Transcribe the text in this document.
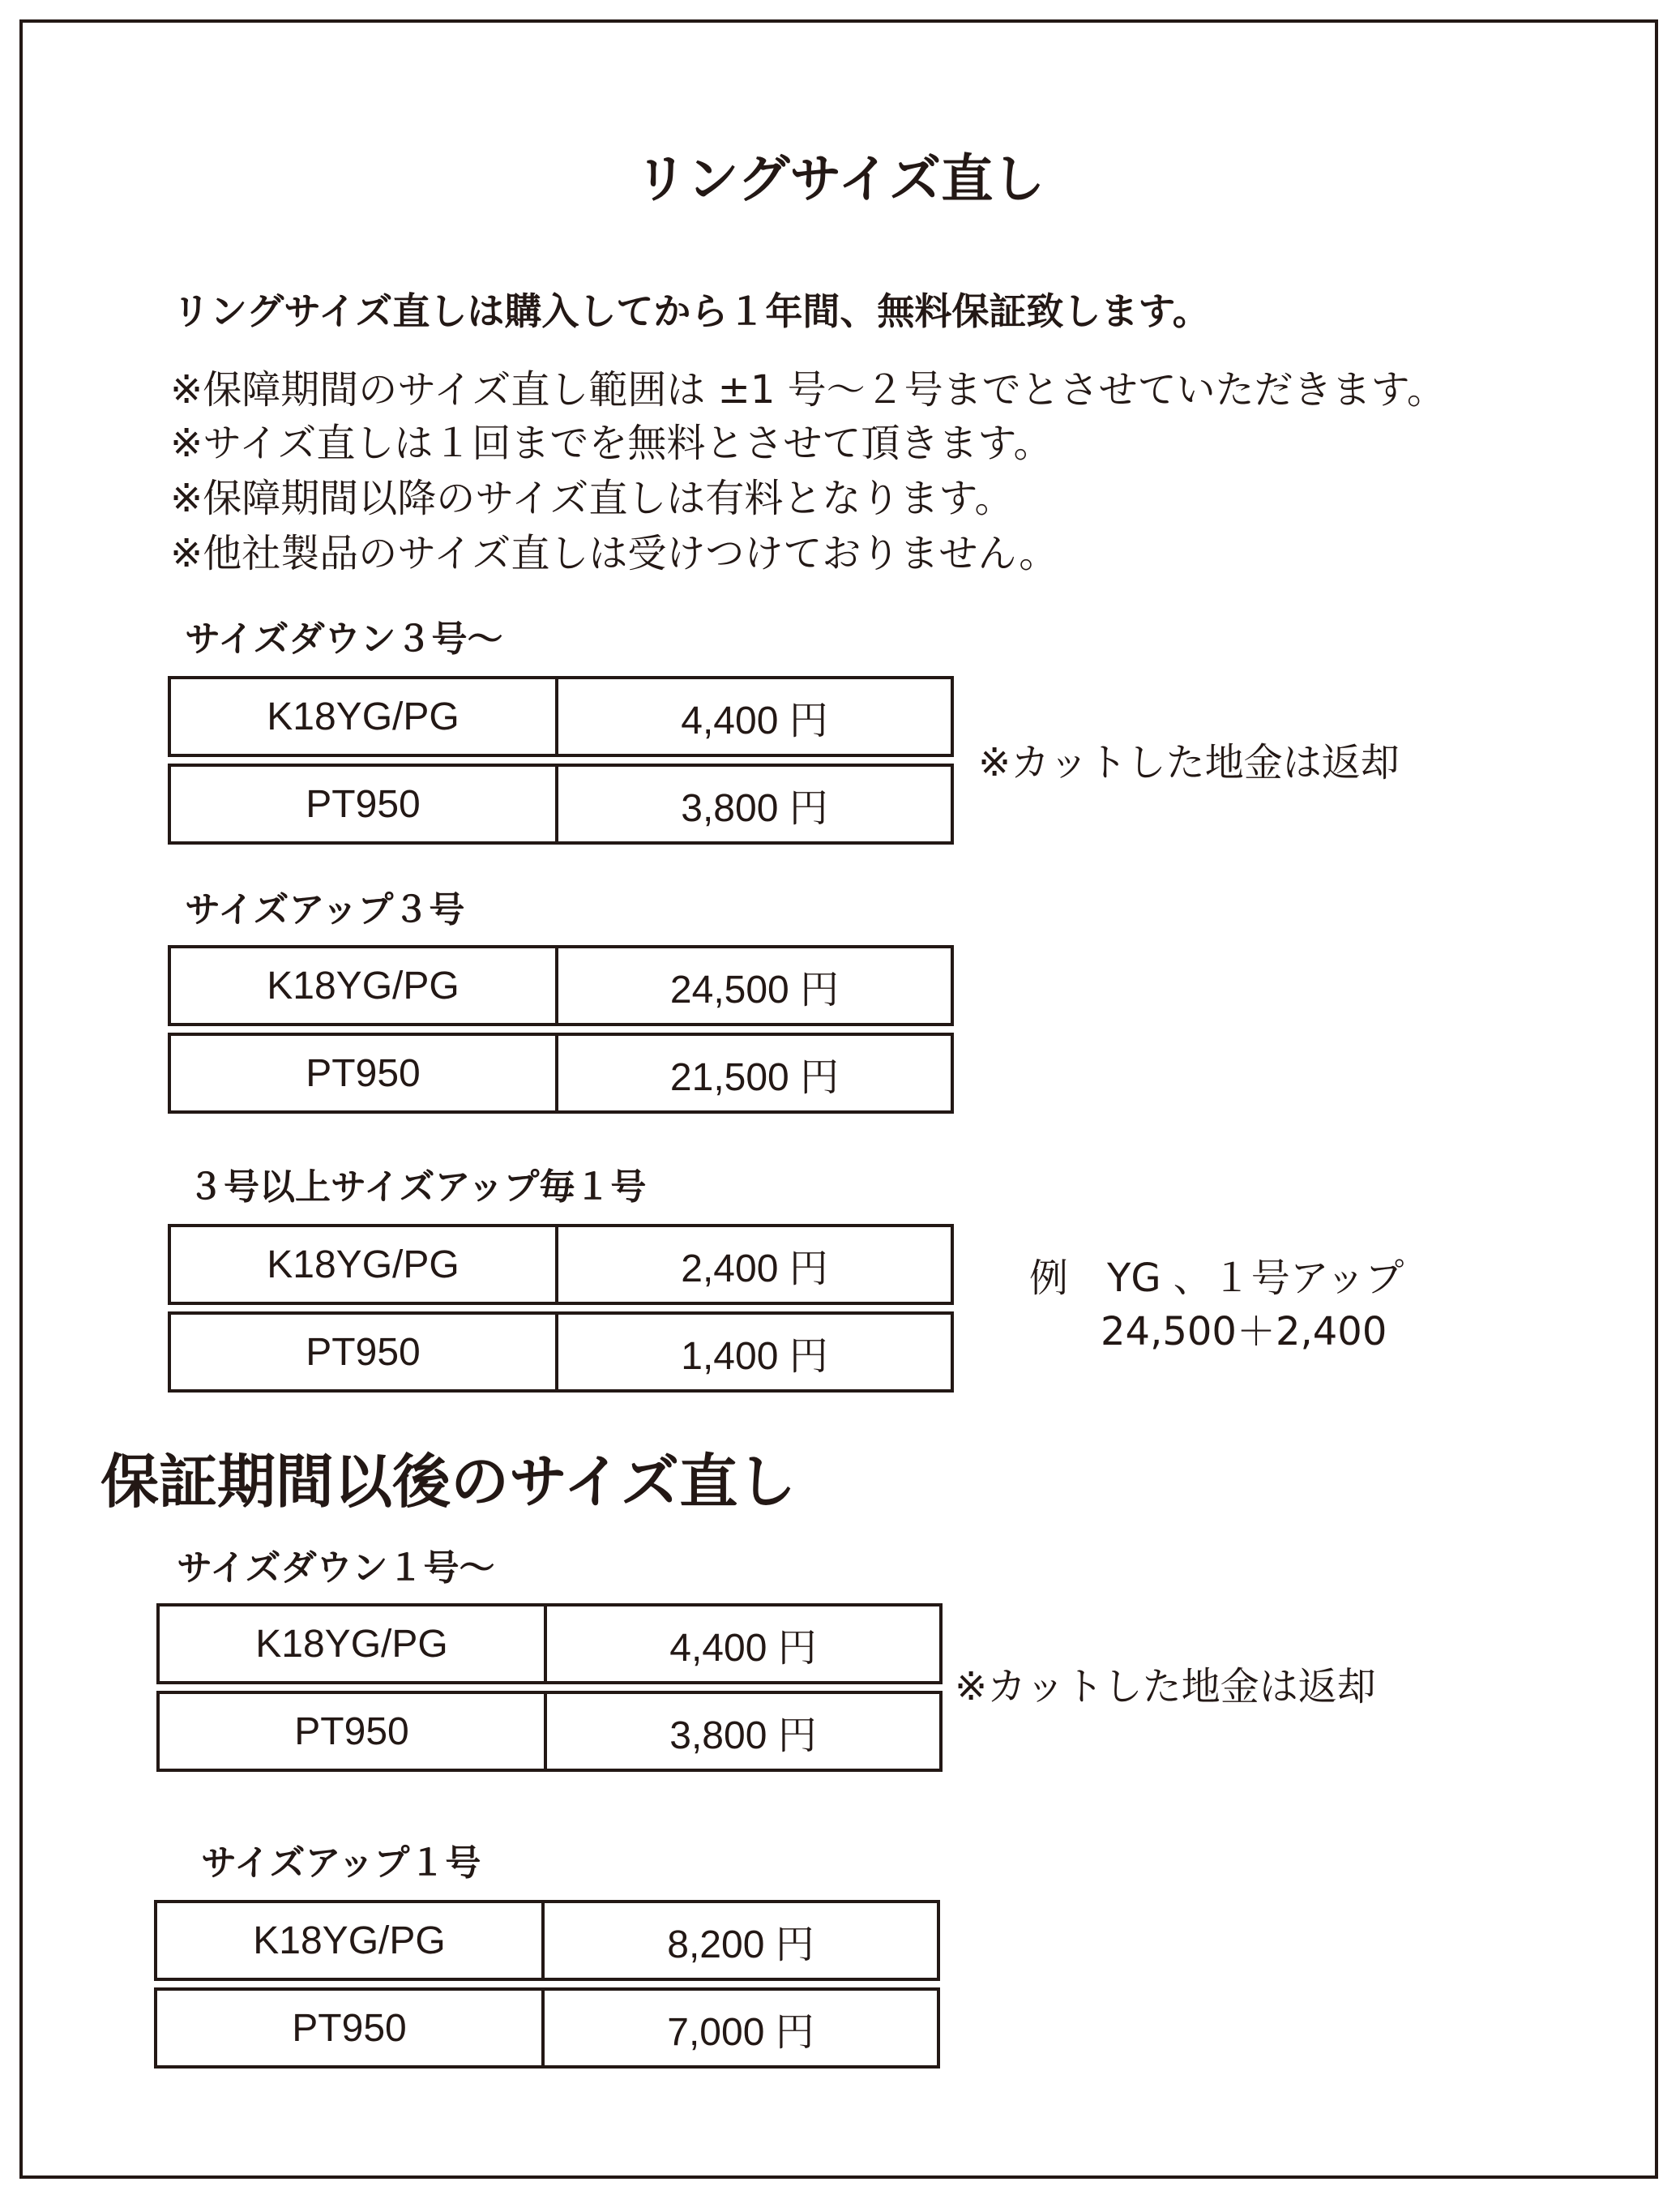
リングサイズ直し
リングサイズ直しは購入してから１年間、無料保証致します。
※保障期間のサイズ直し範囲は ±1 号～２号までとさせていただきます。
※サイズ直しは１回までを無料とさせて頂きます。
※保障期間以降のサイズ直しは有料となります。
※他社製品のサイズ直しは受けつけておりません。
サイズダウン３号～
K18YG/PG	4,400 円
PT950	3,800 円
※カットした地金は返却
サイズアップ３号
K18YG/PG	24,500 円
PT950	21,500 円
３号以上サイズアップ毎１号
K18YG/PG	2,400 円
PT950	1,400 円
例　YG 、１号アップ
24,500＋2,400
保証期間以後のサイズ直し
サイズダウン１号～
K18YG/PG	4,400 円
PT950	3,800 円
※カットした地金は返却
サイズアップ１号
K18YG/PG	8,200 円
PT950	7,000 円
